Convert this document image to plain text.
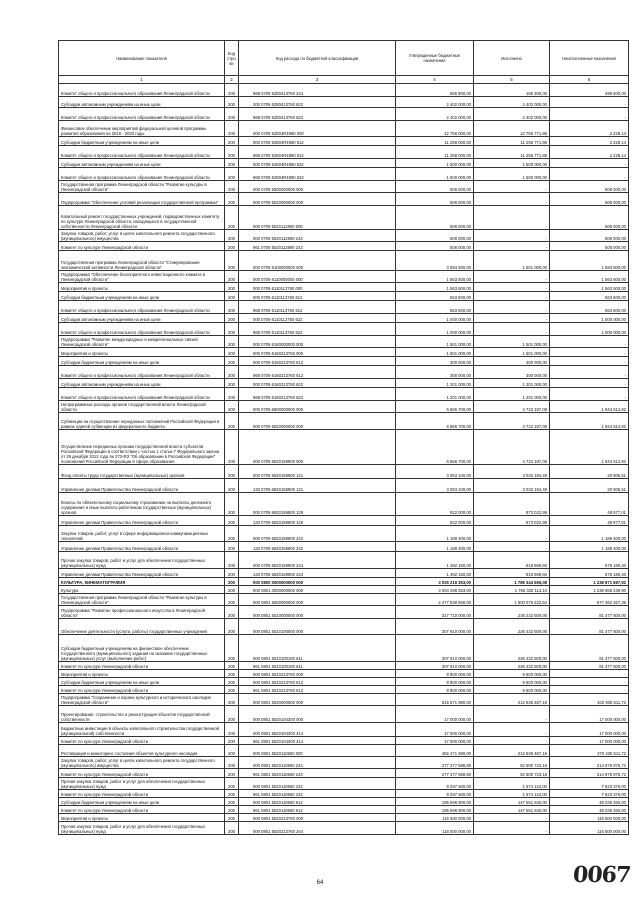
Наименование показателя	Код стро ки	Код расхода по бюджетной классификации	Утвержденные бюджетные назначения	Исполнено	Неисполненные назначения
1	2	3	4	5	6
Комитет общего и профессионального образования Ленинградской области	200	968 0709 5280413760 244	665 900,00	166 300,00	499 600,00
Субсидии автономным учреждениям на иные цели	200	200 0709 5280413760 622	2 402 000,00	2 402 000,00	-
Комитет общего и профессионального образования Ленинградской области	200	968 0709 5280413760 622	2 402 000,00	2 402 000,00	-
Финансовое обеспечение мероприятий федеральной целевой программы развития образования на 2016 - 2020 годы	200	000 0709 52804R4980 000	12 758 000,00	12 755 771,86	2 228,14
Субсидии бюджетным учреждениям на иные цели	200	000 0709 52804R4980 612	11 258 000,00	11 255 771,86	2 228,14
Комитет общего и профессионального образования Ленинградской области	200	968 0709 52804R4980 612	11 258 000,00	11 255 771,86	2 228,14
Субсидии автономным учреждениям на иные цели	200	000 0709 52804R4980 622	1 500 000,00	1 500 000,00	-
Комитет общего и профессионального образования Ленинградской области	200	968 0709 52804R4980 622	1 500 000,00	1 500 000,00	-
Государственная программа Ленинградской области "Развитие культуры в Ленинградской области"	200	000 0709 5500000000 000	506 000,00	-	506 000,00
Подпрограмма "Обеспечение условий реализации государственной программы"	200	000 0709 5520000000 000	506 000,00	-	506 000,00
Капитальный ремонт государственных учреждений, подведомственных комитету по культуре Ленинградской области, находящихся в государственной собственности Ленинградской области	200	000 0709 5520112890 000	506 000,00	-	506 000,00
Закупка товаров, работ, услуг в целях капитального ремонта государственного (муниципального) имущества	200	000 0709 5520112890 243	506 000,00	-	506 000,00
Комитет по культуре Ленинградской области	200	961 0709 5520112890 243	506 000,00	-	506 000,00
Государственная программа Ленинградской области "Стимулирование экономической активности Ленинградской области"	200	000 0709 6100000000 000	3 084 600,00	1 501 000,00	1 583 600,00
Подпрограмма "Обеспечение благоприятного инвестиционного климата в Ленинградской области"	200	000 0709 6110000000 000	1 563 600,00	-	1 563 600,00
Мероприятия и проекты	200	000 0709 6110113760 000	1 563 600,00	-	1 563 600,00
Субсидии бюджетным учреждениям на иные цели	200	000 0709 6110113760 612	563 600,00	-	563 600,00
Комитет общего и профессионального образования Ленинградской области	200	968 0709 6110113760 612	563 600,00	-	563 600,00
Субсидии автономным учреждениям на иные цели	200	000 0709 6110113760 622	1 000 000,00	-	1 000 000,00
Комитет общего и профессионального образования Ленинградской области	200	968 0709 6110113760 622	1 000 000,00	-	1 000 000,00
Подпрограмма "Развитие международных и межрегиональных связей Ленинградской области"	200	000 0709 6160000000 000	1 501 000,00	1 501 000,00	-
Мероприятия и проекты	200	000 0709 6160213760 000	1 501 000,00	1 501 000,00	-
Субсидии бюджетным учреждениям на иные цели	200	000 0709 6160213760 612	300 000,00	300 000,00	-
Комитет общего и профессионального образования Ленинградской области	200	968 0709 6160213760 612	300 000,00	300 000,00	-
Субсидии автономным учреждениям на иные цели	200	000 0709 6160213760 622	1 201 000,00	1 201 000,00	-
Комитет общего и профессионального образования Ленинградской области	200	968 0709 6160213760 622	1 201 000,00	1 201 000,00	-
Непрограммные расходы органов государственной власти Ленинградской области	200	000 0709 6800000000 000	6 666 700,00	4 722 187,08	1 944 512,92
Субвенции на осуществление переданных полномочий Российской Федерации в рамках единой субвенции из федерального бюджета	200	000 0709 6820000000 000	6 666 700,00	4 722 187,08	1 944 512,92
Осуществление переданных органам государственной власти субъектов Российской Федерации в соответствии с частью 1 статьи 7 Федерального закона от 29 декабря 2012 года № 273-ФЗ "Об образовании в Российской Федерации" полномочий Российской Федерации в сфере образования	200	000 0709 6820159900 000	6 666 700,00	4 722 187,08	1 944 512,92
Фонд оплаты труда государственных (муниципальных) органов	200	000 0709 6820159900 121	3 053 100,00	3 032 194,49	20 905,51
Управление делами Правительства Ленинградской области	200	133 0709 6820159900 121	3 053 100,00	3 032 194,49	20 905,51
Взносы по обязательному социальному страхованию на выплаты денежного содержания и иные выплаты работникам государственных (муниципальных) органов	200	000 0709 6820159900 129	922 000,00	873 022,99	48 977,01
Управление делами Правительства Ленинградской области	200	133 0709 6820159900 129	922 000,00	873 022,99	48 977,01
Закупка товаров, работ, услуг в сфере информационно-коммуникационных технологий	200	000 0709 6820159900 242	1 189 400,00	-	1 189 400,00
Управление делами Правительства Ленинградской области	200	133 0709 6820159900 242	1 189 400,00	-	1 189 400,00
Прочая закупка товаров, работ и услуг для обеспечения государственных (муниципальных) нужд	200	000 0709 6820159900 244	1 492 150,00	816 969,60	675 180,40
Управление делами Правительства Ленинградской области	200	133 0709 6820159900 244	1 492 150,00	816 969,60	675 180,40
КУЛЬТУРА, КИНЕМАТОГРАФИЯ	200	000 0800 0000000000 000	3 025 216 353,00	1 786 344 665,08	1 238 871 687,92
Культура	200	000 0801 0000000000 000	3 004 298 353,00	1 765 330 113,10	1 238 968 239,90
Государственная программа Ленинградской области "Развитие культуры в Ленинградской области"	200	000 0801 5500000000 000	2 477 538 980,00	1 800 076 222,54	677 462 457,36
Подпрограмма "Развитие профессионального искусства в Ленинградской области"	200	000 0801 5510000000 000	317 710 000,00	236 232 500,00	81 477 500,00
Обеспечение деятельности (услуги, работы) государственных учреждений	200	000 0801 5510100000 000	307 910 000,00	226 432 500,00	81 477 500,00
Субсидии бюджетным учреждениям на финансовое обеспечение государственного (муниципального) задания на оказание государственных (муниципальных) услуг (выполнение работ)	200	000 0801 5510100160 611	307 910 000,00	226 432 500,00	81 477 500,00
Комитет по культуре Ленинградской области	200	961 0801 5510100160 611	307 910 000,00	226 432 500,00	81 477 500,00
Мероприятия и проекты	200	000 0801 5510213760 000	9 800 000,00	9 800 000,00	-
Субсидии бюджетным учреждениям на иные цели	200	000 0801 5510213760 612	9 800 000,00	9 800 000,00	-
Комитет по культуре Ленинградской области	200	961 0801 5510213760 612	9 800 000,00	9 800 000,00	-
Подпрограмма "Сохранение и охрана культурного и исторического наследия Ленинградской области"	200	000 0801 5520000000 000	615 571 980,00	212 636 467,18	402 935 511,72
Проектирование, строительство и реконструкция объектов государственной собственности	200	000 0801 5520104300 000	17 000 000,00	-	17 000 000,00
Бюджетные инвестиции в объекты капитального строительства государственной (муниципальной) собственности	200	000 0801 5520104300 414	17 000 000,00	-	17 000 000,00
Комитет по культуре Ленинградской области	200	961 0801 5520104300 414	17 000 000,00	-	17 000 000,00
Реставрация и мониторинг состояния объектов культурного наследия	200	000 0801 5520110660 000	482 471 980,00	212 636 467,18	270 435 511,72
Закупка товаров, работ, услуг в целях капитального ремонта государственного (муниципального) имущества	200	000 0801 5520110660 243	277 377 588,80	62 500 723,18	214 876 875,72
Комитет по культуре Ленинградской области	200	961 0801 5520110660 243	277 377 598,80	62 500 723,18	214 876 875,72
Прочая закупка товаров, работ и услуг для обеспечения государственных (муниципальных) нужд	200	000 0801 5520110660 244	9 297 500,00	1 674 124,00	7 623 376,00
Комитет по культуре Ленинградской области	200	961 0801 5520110660 244	9 297 500,00	1 674 124,00	7 623 376,00
Субсидии бюджетным учреждениям на иные цели	200	000 0801 5520110660 612	195 696 900,00	147 661 640,00	48 035 260,00
Комитет по культуре Ленинградской области	200	961 0801 5520110660 612	195 696 900,00	147 661 640,00	48 035 260,00
Мероприятия и проекты	200	000 0801 5520213760 000	116 500 000,00	-	116 500 000,00
Прочая закупка товаров, работ и услуг для обеспечения государственных (муниципальных) нужд	200	000 0801 5520213760 244	116 500 000,00	-	116 500 000,00
64	0067
